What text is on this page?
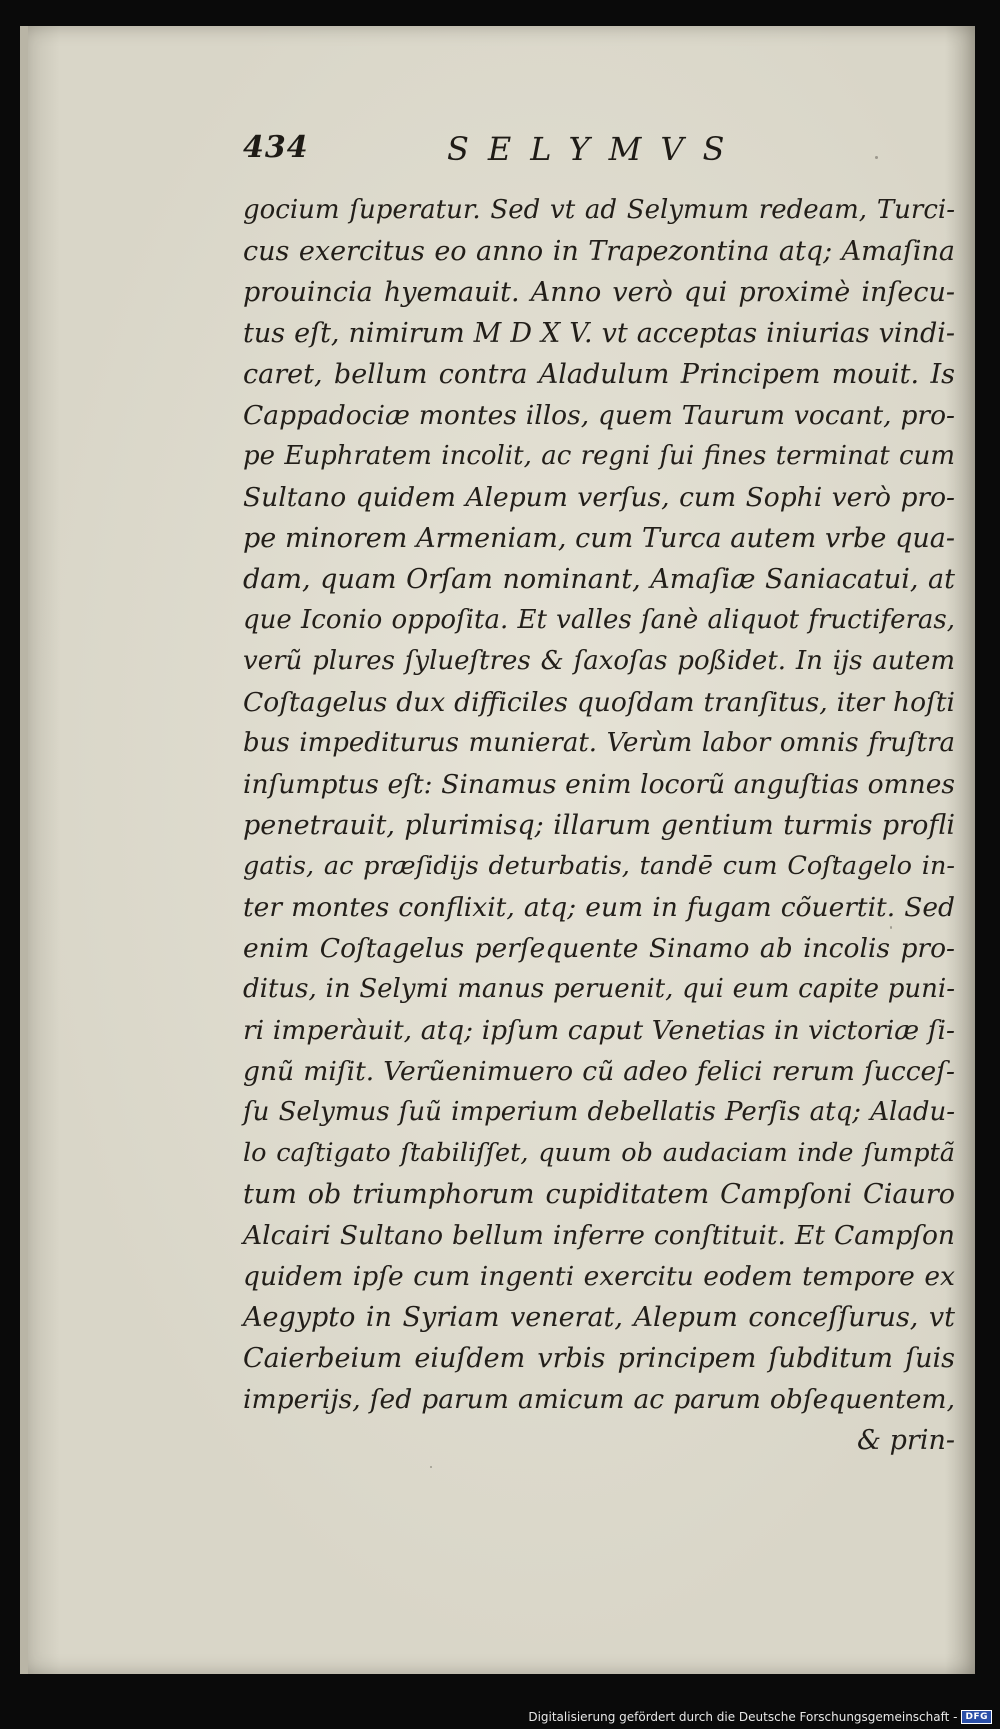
434	SELYMVS
gocium ſuperatur. Sed vt ad Selymum redeam, Turci-
cus exercitus eo anno in Trapezontina atq; Amaſina
prouincia hyemauit. Anno verò qui proximè inſecu-
tus eſt, nimirum M D X V. vt acceptas iniurias vindi-
caret, bellum contra Aladulum Principem mouit. Is
Cappadociæ montes illos, quem Taurum vocant, pro-
pe Euphratem incolit, ac regni ſui fines terminat cum
Sultano quidem Alepum verſus, cum Sophi verò pro-
pe minorem Armeniam, cum Turca autem vrbe qua-
dam, quam Orſam nominant, Amaſiæ Saniacatui, at
que Iconio oppoſita. Et valles ſanè aliquot fructiferas,
verũ plures ſylueſtres & ſaxoſas poßidet. In ijs autem
Coſtagelus dux difficiles quoſdam tranſitus, iter hoſti
bus impediturus munierat. Verùm labor omnis fruſtra
inſumptus eſt: Sinamus enim locorũ anguſtias omnes
penetrauit, plurimisq; illarum gentium turmis profli
gatis, ac præſidijs deturbatis, tandē cum Coſtagelo in-
ter montes conflixit, atq; eum in fugam cõuertit. Sed
enim Coſtagelus perſequente Sinamo ab incolis pro-
ditus, in Selymi manus peruenit, qui eum capite puni-
ri imperàuit, atq; ipſum caput Venetias in victoriæ ſi-
gnũ miſit. Verũenimuero cũ adeo felici rerum ſucceſ-
ſu Selymus ſuũ imperium debellatis Perſis atq; Aladu-
lo caſtigato ſtabiliſſet, quum ob audaciam inde ſumptã
tum ob triumphorum cupiditatem Campſoni Ciauro
Alcairi Sultano bellum inferre conſtituit. Et Campſon
quidem ipſe cum ingenti exercitu eodem tempore ex
Aegypto in Syriam venerat, Alepum conceſſurus, vt
Caierbeium eiuſdem vrbis principem ſubditum ſuis
imperijs, ſed parum amicum ac parum obſequentem,
& prin-
Digitalisierung gefördert durch die Deutsche Forschungsgemeinschaft - DFG
